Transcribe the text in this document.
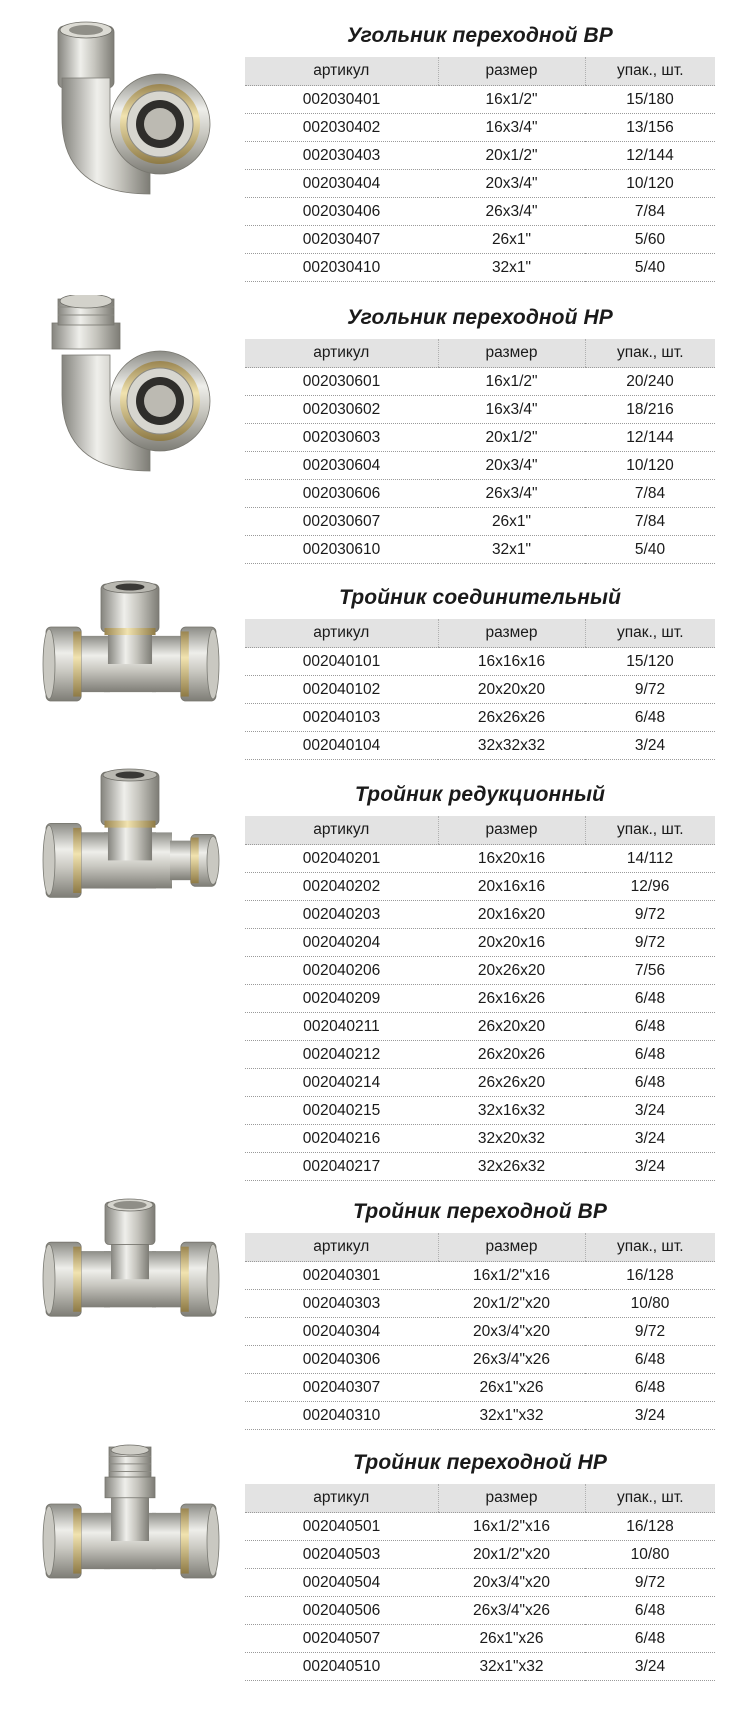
Угольник переходной ВР
артикул	размер	упак., шт.
002030401	16x1/2"	15/180
002030402	16x3/4"	13/156
002030403	20x1/2"	12/144
002030404	20x3/4"	10/120
002030406	26x3/4"	7/84
002030407	26x1"	5/60
002030410	32x1"	5/40
Угольник переходной НР
артикул	размер	упак., шт.
002030601	16x1/2"	20/240
002030602	16x3/4"	18/216
002030603	20x1/2"	12/144
002030604	20x3/4"	10/120
002030606	26x3/4"	7/84
002030607	26x1"	7/84
002030610	32x1"	5/40
Тройник соединительный
артикул	размер	упак., шт.
002040101	16x16x16	15/120
002040102	20x20x20	9/72
002040103	26x26x26	6/48
002040104	32x32x32	3/24
Тройник редукционный
артикул	размер	упак., шт.
002040201	16x20x16	14/112
002040202	20x16x16	12/96
002040203	20x16x20	9/72
002040204	20x20x16	9/72
002040206	20x26x20	7/56
002040209	26x16x26	6/48
002040211	26x20x20	6/48
002040212	26x20x26	6/48
002040214	26x26x20	6/48
002040215	32x16x32	3/24
002040216	32x20x32	3/24
002040217	32x26x32	3/24
Тройник переходной ВР
артикул	размер	упак., шт.
002040301	16x1/2"x16	16/128
002040303	20x1/2"x20	10/80
002040304	20x3/4"x20	9/72
002040306	26x3/4"x26	6/48
002040307	26x1"x26	6/48
002040310	32x1"x32	3/24
Тройник переходной НР
артикул	размер	упак., шт.
002040501	16x1/2"x16	16/128
002040503	20x1/2"x20	10/80
002040504	20x3/4"x20	9/72
002040506	26x3/4"x26	6/48
002040507	26x1"x26	6/48
002040510	32x1"x32	3/24
